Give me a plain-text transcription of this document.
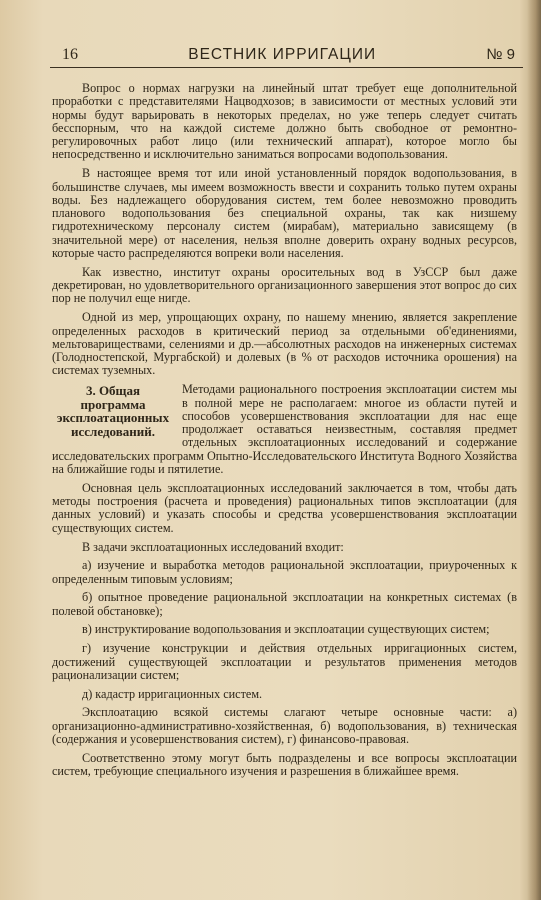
16	ВЕСТНИК ИРРИГАЦИИ	№ 9

Вопрос о нормах нагрузки на линейный штат требует еще дополнительной проработки с представителями Нацводхозов; в зависимости от местных условий эти нормы будут варьировать в некоторых пределах, но уже теперь следует считать бесспорным, что на каждой системе должно быть свободное от ремонтно-регулировочных работ лицо (или технический аппарат), которое могло бы непосредственно и исключительно заниматься вопросами водопользования.

В настоящее время тот или иной установленный порядок водопользования, в большинстве случаев, мы имеем возможность ввести и сохранить только путем охраны воды. Без надлежащего оборудования систем, тем более невозможно проводить планового водопользования без специальной охраны, так как низшему гидротехническому персоналу систем (мирабам), материально зависящему (в значительной мере) от населения, нельзя вполне доверить охрану водных ресурсов, которые часто распределяются вопреки воли населения.

Как известно, институт охраны оросительных вод в УзССР был даже декретирован, но удовлетворительного организационного завершения этот вопрос до сих пор не получил еще нигде.

Одной из мер, упрощающих охрану, по нашему мнению, является закрепление определенных расходов в критический период за отдельными об'единениями, мельтовариществами, селениями и др.—абсолютных расходов на инженерных системах (Голодностепской, Мургабской) и долевых (в % от расходов источника орошения) на системах туземных.

3. Общая программа эксплоатационных исследований.

Методами рационального построения эксплоатации систем мы в полной мере не располагаем: многое из области путей и способов усовершенствования эксплоатации для нас еще продолжает оставаться неизвестным, составляя предмет отдельных эксплоатационных исследований и содержание исследовательских программ Опытно-Исследовательского Института Водного Хозяйства на ближайшие годы и пятилетие.

Основная цель эксплоатационных исследований заключается в том, чтобы дать методы построения (расчета и проведения) рациональных типов эксплоатации (для данных условий) и указать способы и средства усовершенствования эксплоатации существующих систем.

В задачи эксплоатационных исследований входит:

а) изучение и выработка методов рациональной эксплоатации, приуроченных к определенным типовым условиям;

б) опытное проведение рациональной эксплоатации на конкретных системах (в полевой обстановке);

в) инструктирование водопользования и эксплоатации существующих систем;

г) изучение конструкции и действия отдельных ирригационных систем, достижений существующей эксплоатации и результатов применения методов рационализации систем;

д) кадастр ирригационных систем.

Эксплоатацию всякой системы слагают четыре основные части: а) организационно-административно-хозяйственная, б) водопользования, в) техническая (содержания и усовершенствования систем), г) финансово-правовая.

Соответственно этому могут быть подразделены и все вопросы эксплоатации систем, требующие специального изучения и разрешения в ближайшее время.
